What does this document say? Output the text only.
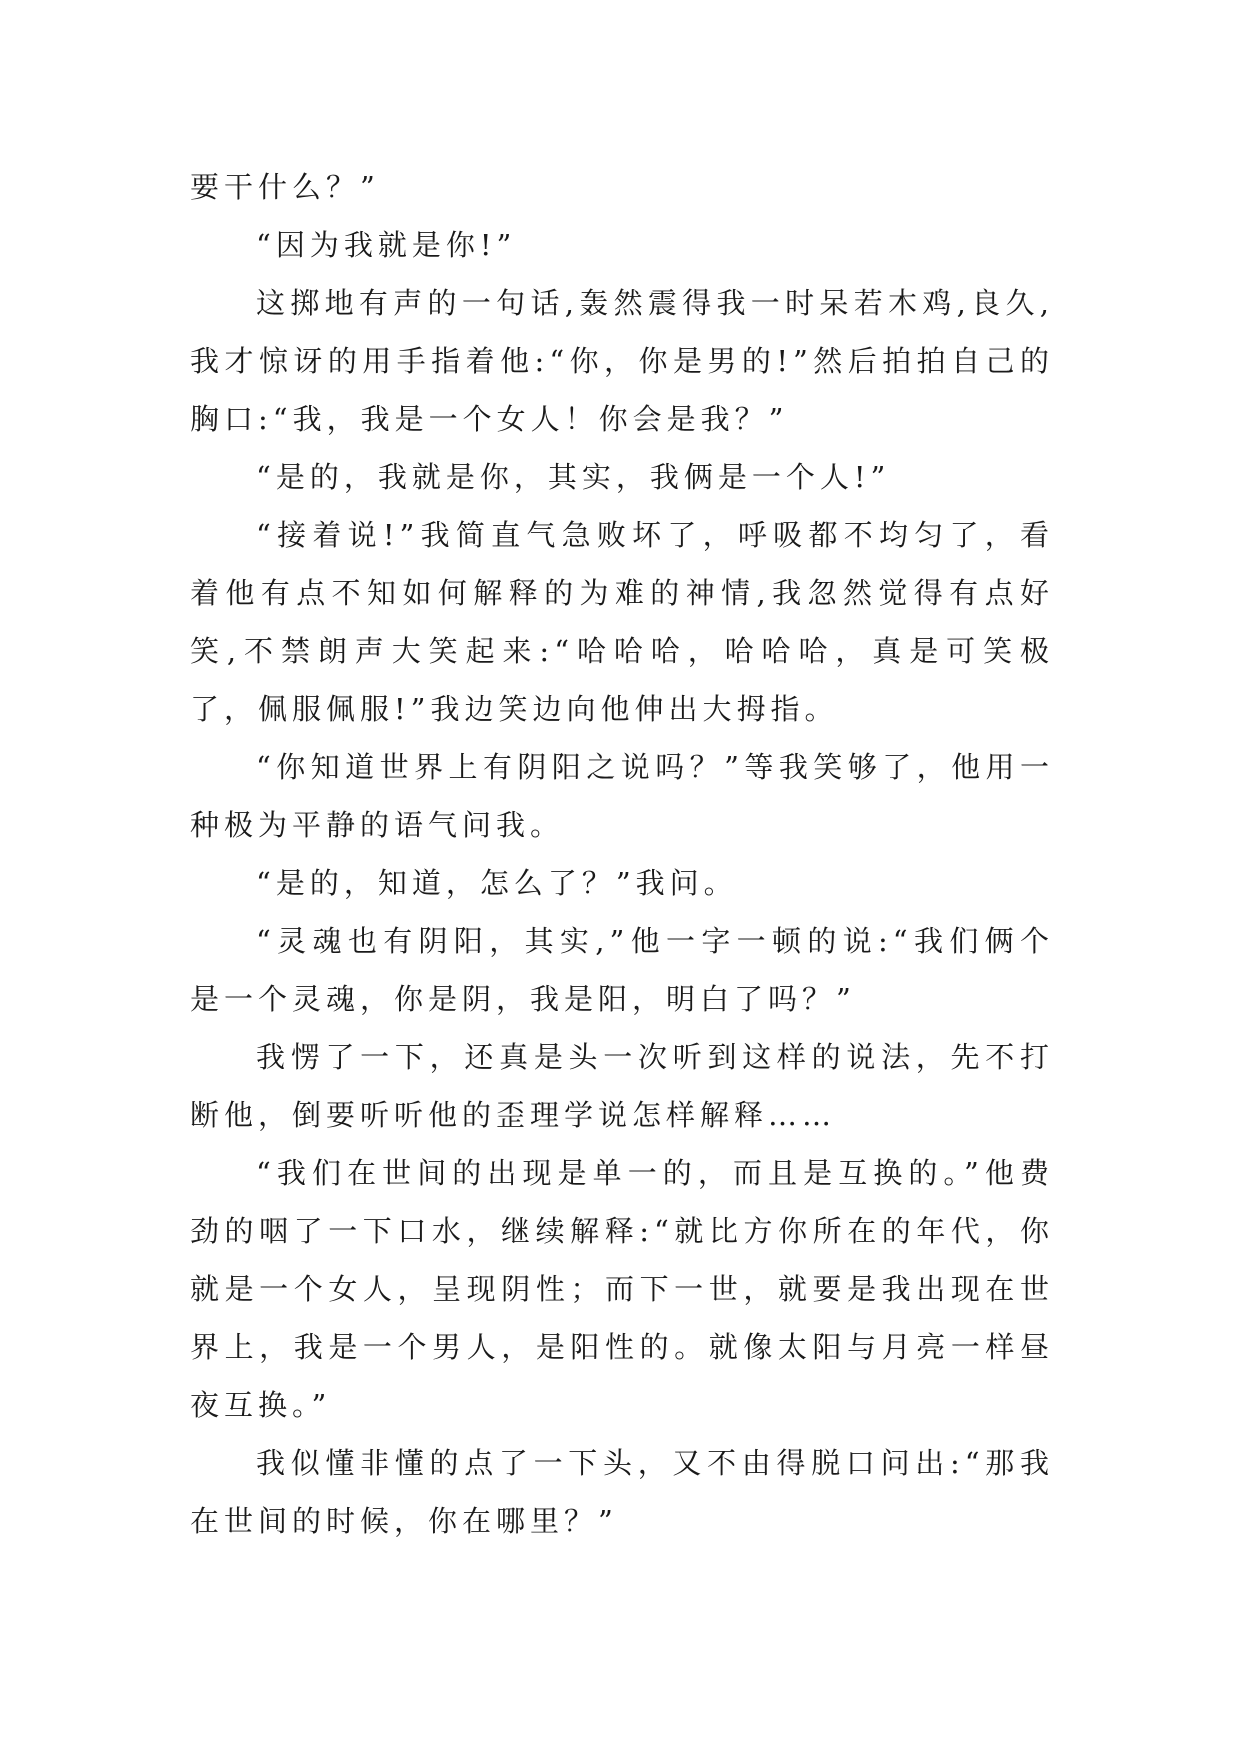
要干什么？”

“因为我就是你!”

这掷地有声的一句话,轰然震得我一时呆若木鸡,良久,我才惊讶的用手指着他:“你，你是男的!”然后拍拍自己的胸口:“我，我是一个女人！你会是我？”

“是的，我就是你，其实，我俩是一个人!”

“接着说!”我简直气急败坏了，呼吸都不均匀了，看着他有点不知如何解释的为难的神情,我忽然觉得有点好笑,不禁朗声大笑起来:“哈哈哈，哈哈哈，真是可笑极了，佩服佩服!”我边笑边向他伸出大拇指。

“你知道世界上有阴阳之说吗？”等我笑够了，他用一种极为平静的语气问我。

“是的，知道，怎么了？”我问。

“灵魂也有阴阳，其实,”他一字一顿的说:“我们俩个是一个灵魂，你是阴，我是阳，明白了吗？”

我愣了一下，还真是头一次听到这样的说法，先不打断他，倒要听听他的歪理学说怎样解释……

“我们在世间的出现是单一的，而且是互换的。”他费劲的咽了一下口水，继续解释:“就比方你所在的年代，你就是一个女人，呈现阴性；而下一世，就要是我出现在世界上，我是一个男人，是阳性的。就像太阳与月亮一样昼夜互换。”

我似懂非懂的点了一下头，又不由得脱口问出:“那我在世间的时候，你在哪里？”
